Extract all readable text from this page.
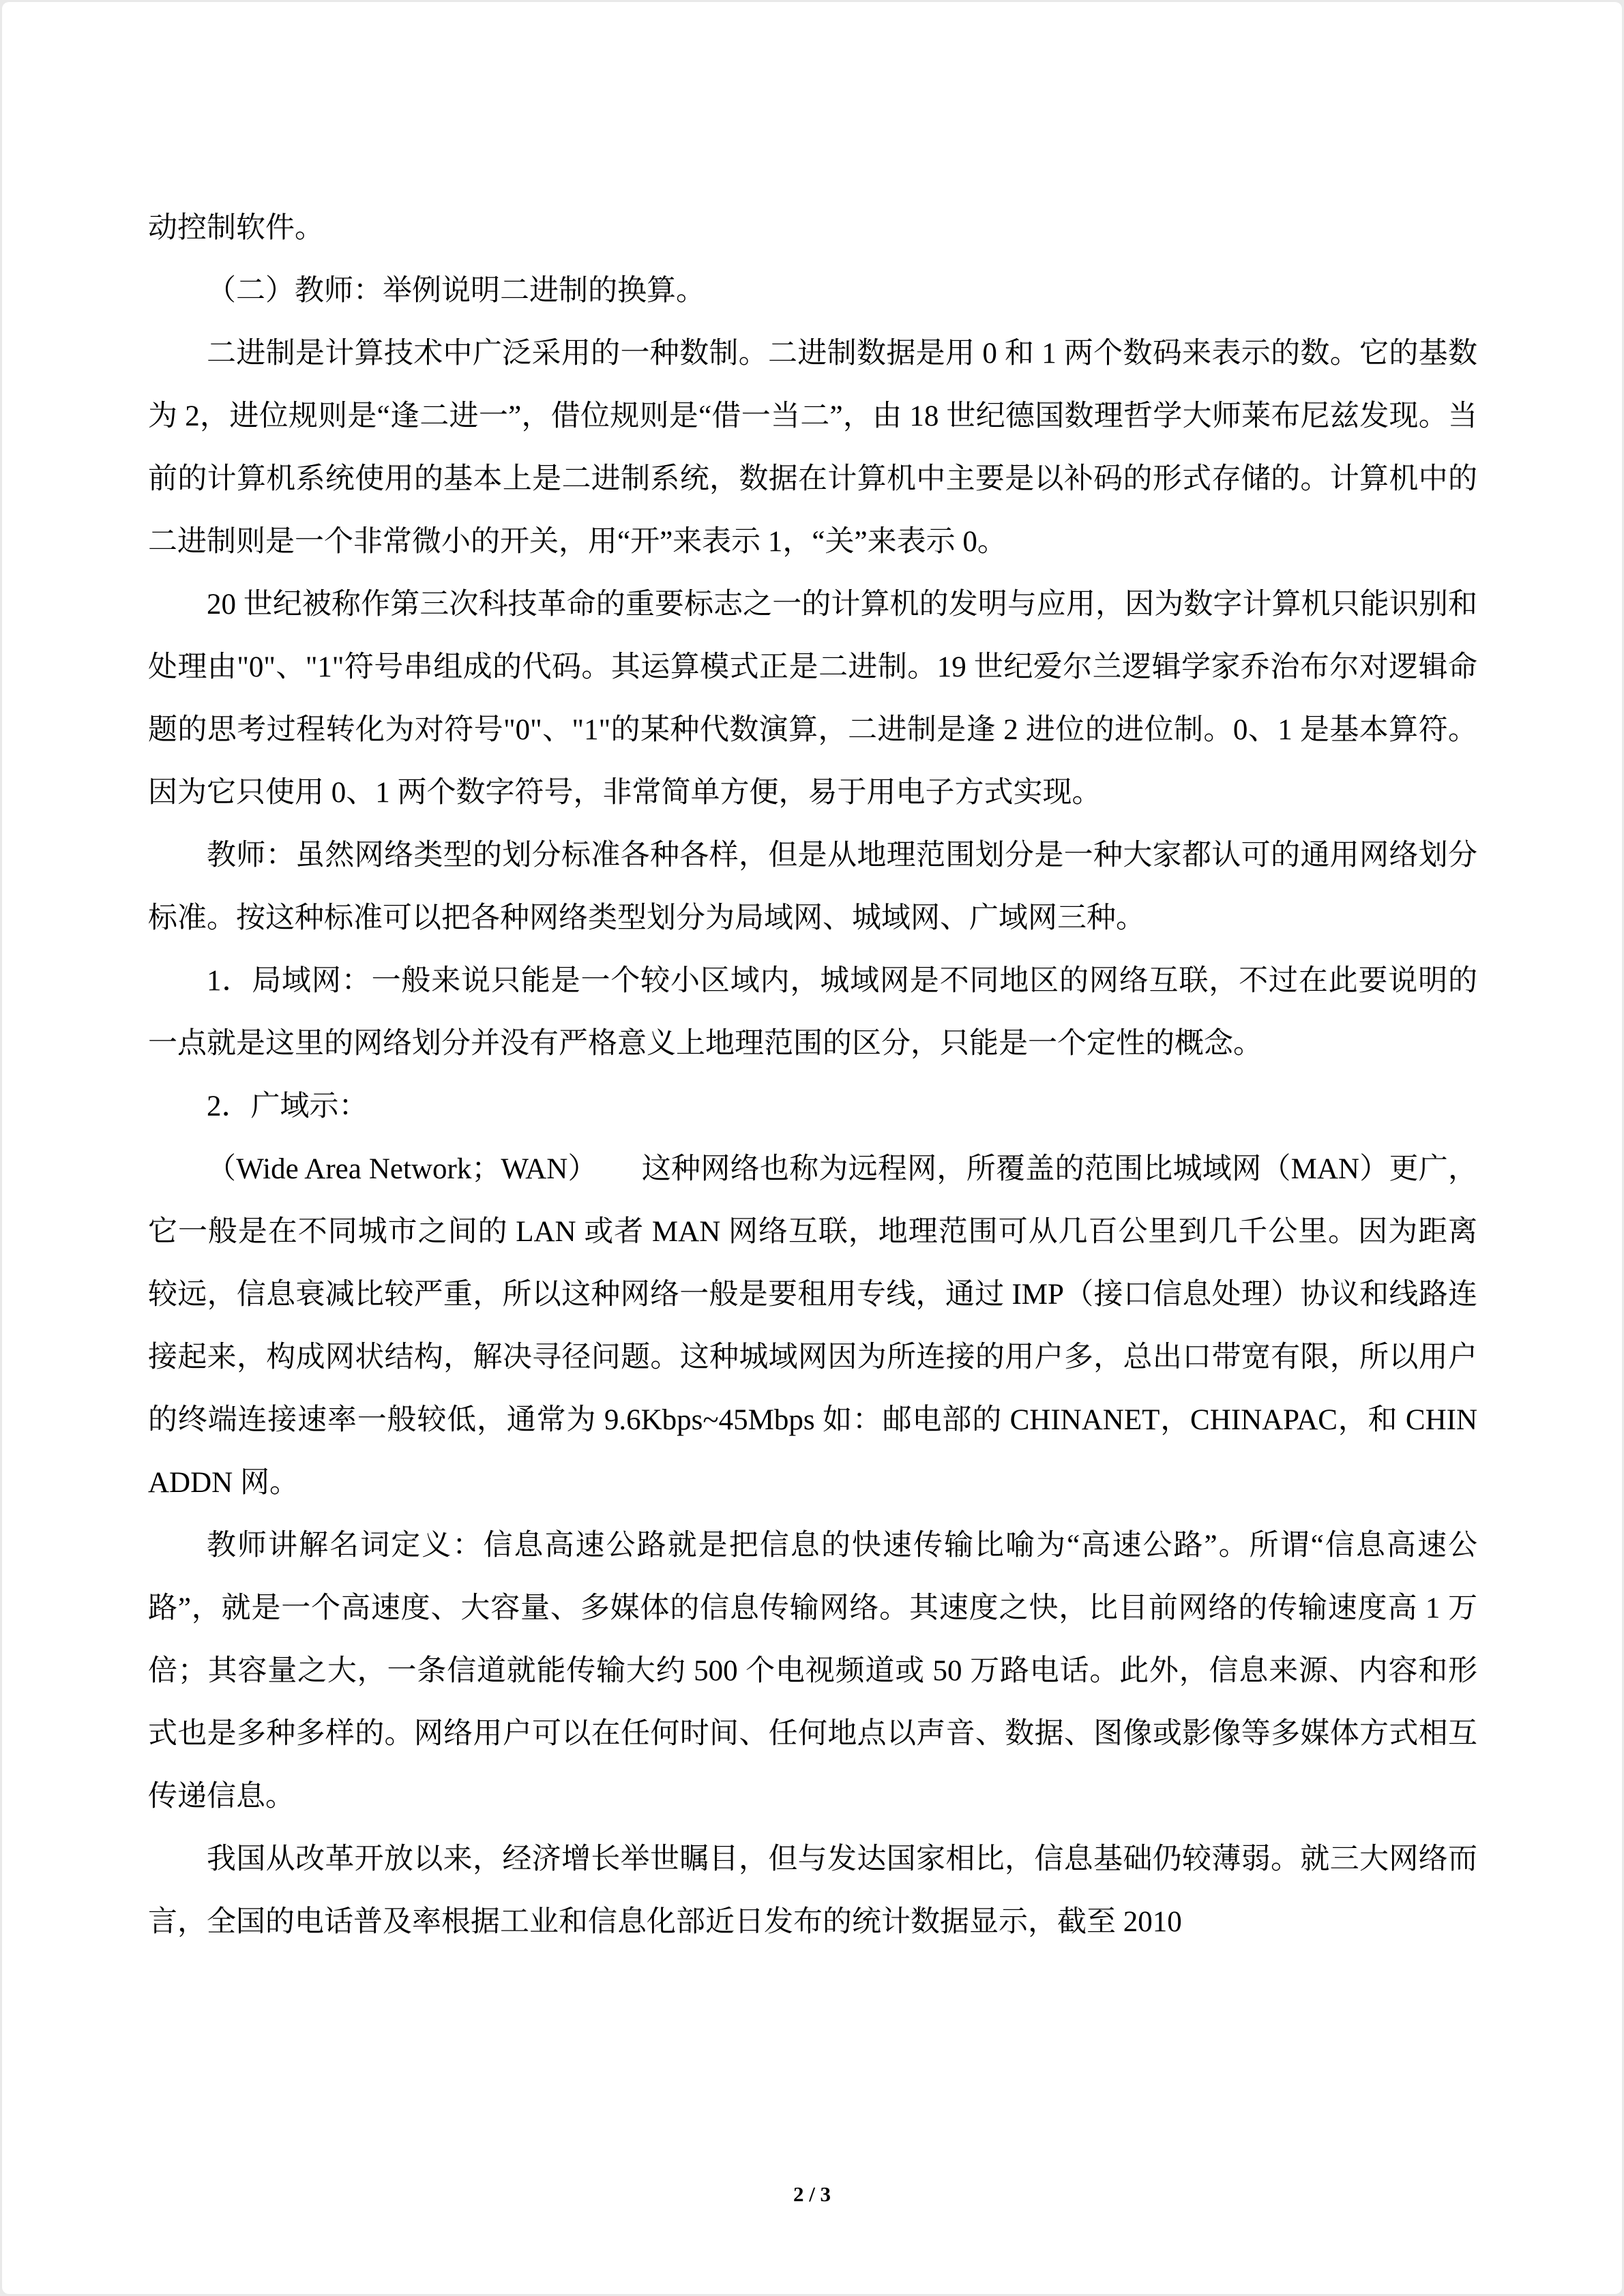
动控制软件。

（二）教师：举例说明二进制的换算。

二进制是计算技术中广泛采用的一种数制。二进制数据是用 0 和 1 两个数码来表示的数。它的基数为 2，进位规则是“逢二进一”，借位规则是“借一当二”，由 18 世纪德国数理哲学大师莱布尼兹发现。当前的计算机系统使用的基本上是二进制系统，数据在计算机中主要是以补码的形式存储的。计算机中的二进制则是一个非常微小的开关，用“开”来表示 1，“关”来表示 0。

20 世纪被称作第三次科技革命的重要标志之一的计算机的发明与应用，因为数字计算机只能识别和处理由"0"、"1"符号串组成的代码。其运算模式正是二进制。19 世纪爱尔兰逻辑学家乔治布尔对逻辑命题的思考过程转化为对符号"0"、"1"的某种代数演算，二进制是逢 2 进位的进位制。0、1 是基本算符。因为它只使用 0、1 两个数字符号，非常简单方便，易于用电子方式实现。

教师：虽然网络类型的划分标准各种各样，但是从地理范围划分是一种大家都认可的通用网络划分标准。按这种标准可以把各种网络类型划分为局域网、城域网、广域网三种。

1．局域网：一般来说只能是一个较小区域内，城域网是不同地区的网络互联，不过在此要说明的一点就是这里的网络划分并没有严格意义上地理范围的区分，只能是一个定性的概念。

2．广域示：

（Wide Area Network；WAN）　　这种网络也称为远程网，所覆盖的范围比城域网（MAN）更广，它一般是在不同城市之间的 LAN 或者 MAN 网络互联，地理范围可从几百公里到几千公里。因为距离较远，信息衰减比较严重，所以这种网络一般是要租用专线，通过 IMP（接口信息处理）协议和线路连接起来，构成网状结构，解决寻径问题。这种城域网因为所连接的用户多，总出口带宽有限，所以用户的终端连接速率一般较低，通常为 9.6Kbps~45Mbps 如：邮电部的 CHINANET，CHINAPAC，和 CHINADDN 网。

教师讲解名词定义：信息高速公路就是把信息的快速传输比喻为“高速公路”。所谓“信息高速公路”，就是一个高速度、大容量、多媒体的信息传输网络。其速度之快，比目前网络的传输速度高 1 万倍；其容量之大，一条信道就能传输大约 500 个电视频道或 50 万路电话。此外，信息来源、内容和形式也是多种多样的。网络用户可以在任何时间、任何地点以声音、数据、图像或影像等多媒体方式相互传递信息。

我国从改革开放以来，经济增长举世瞩目，但与发达国家相比，信息基础仍较薄弱。就三大网络而言，全国的电话普及率根据工业和信息化部近日发布的统计数据显示，截至 2010

2 / 3
